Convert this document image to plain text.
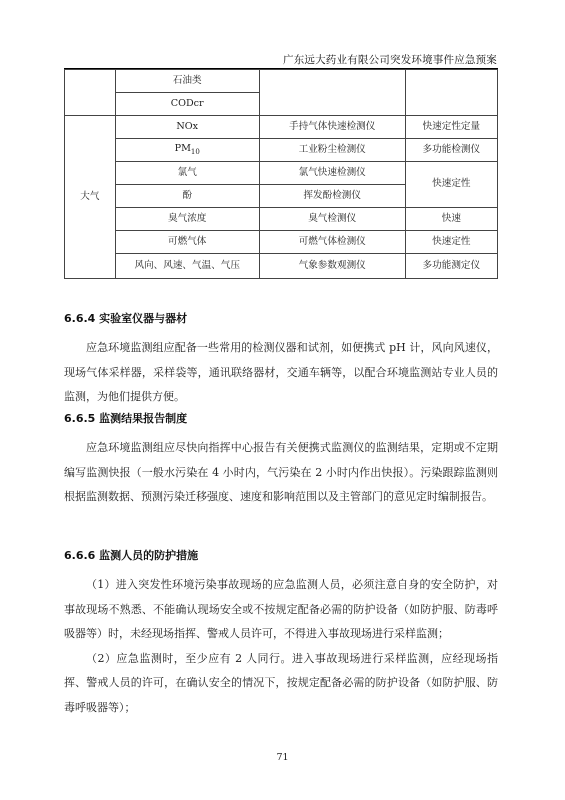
广东远大药业有限公司突发环境事件应急预案
	石油类		
	CODcr		
大气	NOx	手持气体快速检测仪	快速定性定量
	$PM_{10}$	工业粉尘检测仪	多功能检测仪
	氯气	氯气快速检测仪	快速定性
	酚	挥发酚检测仪	
	臭气浓度	臭气检测仪	快速
	可燃气体	可燃气体检测仪	快速定性
	风向、风速、气温、气压	气象参数观测仪	多功能测定仪
6.6.4 实验室仪器与器材

应急环境监测组应配备一些常用的检测仪器和试剂，如便携式 pH 计，风向风速仪，现场气体采样器，采样袋等，通讯联络器材，交通车辆等，以配合环境监测站专业人员的监测，为他们提供方便。

6.6.5 监测结果报告制度

应急环境监测组应尽快向指挥中心报告有关便携式监测仪的监测结果，定期或不定期编写监测快报（一般水污染在 4 小时内，气污染在 2 小时内作出快报）。污染跟踪监测则根据监测数据、预测污染迁移强度、速度和影响范围以及主管部门的意见定时编制报告。

6.6.6 监测人员的防护措施

（1）进入突发性环境污染事故现场的应急监测人员，必须注意自身的安全防护，对事故现场不熟悉、不能确认现场安全或不按规定配备必需的防护设备（如防护服、防毒呼吸器等）时，未经现场指挥、警戒人员许可，不得进入事故现场进行采样监测；

（2）应急监测时，至少应有 2 人同行。进入事故现场进行采样监测，应经现场指挥、警戒人员的许可，在确认安全的情况下，按规定配备必需的防护设备（如防护服、防毒呼吸器等）；

71
